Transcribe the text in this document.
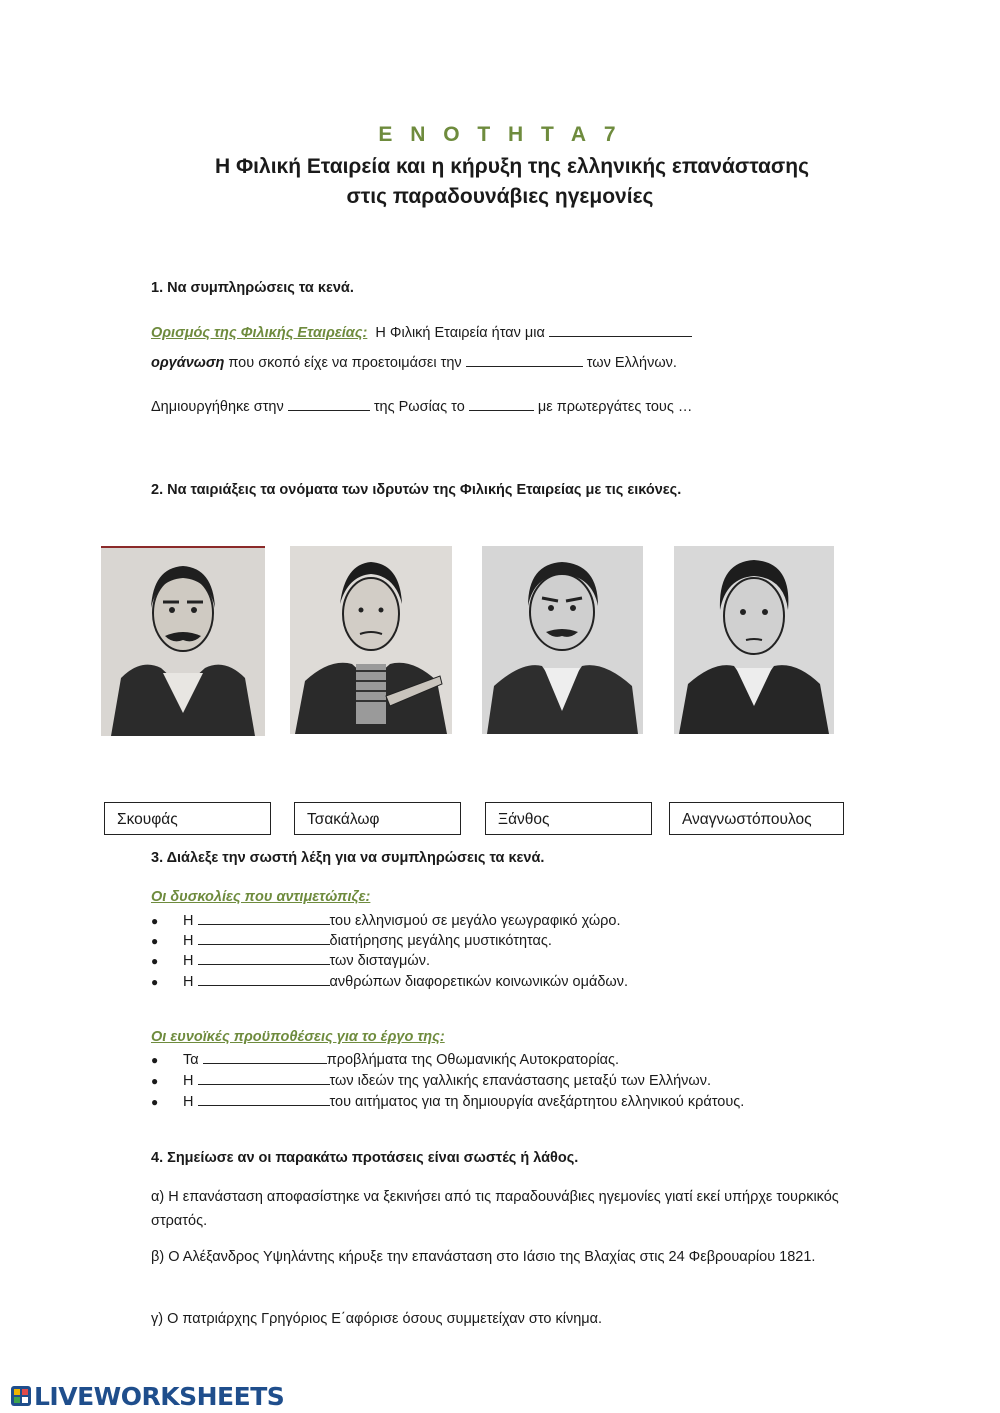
Ε Ν Ο Τ Η Τ Α 7
Η Φιλική Εταιρεία και η κήρυξη της ελληνικής επανάστασης
στις παραδουνάβιες ηγεμονίες
1. Να συμπληρώσεις τα κενά.
Ορισμός της Φιλικής Εταιρείας: Η Φιλική Εταιρεία ήταν μια
οργάνωση που σκοπό είχε να προετοιμάσει την	των Ελλήνων.
Δημιουργήθηκε στην	της Ρωσίας το	με πρωτεργάτες τους …
2. Να ταιριάξεις τα ονόματα των ιδρυτών της Φιλικής Εταιρείας με τις εικόνες.
Σκουφάς	Τσακάλωφ	Ξάνθος	Αναγνωστόπουλος
3. Διάλεξε την σωστή λέξη για να συμπληρώσεις τα κενά.
Οι δυσκολίες που αντιμετώπιζε:
● Η	του ελληνισμού σε μεγάλο γεωγραφικό χώρο.
● Η	διατήρησης μεγάλης μυστικότητας.
● Η	των δισταγμών.
● Η	ανθρώπων διαφορετικών κοινωνικών ομάδων.
Οι ευνοϊκές προϋποθέσεις για το έργο της:
● Τα	προβλήματα της Οθωμανικής Αυτοκρατορίας.
● Η	των ιδεών της γαλλικής επανάστασης μεταξύ των Ελλήνων.
● Η	του αιτήματος για τη δημιουργία ανεξάρτητου ελληνικού κράτους.
4. Σημείωσε αν οι παρακάτω προτάσεις είναι σωστές ή λάθος.
α) Η επανάσταση αποφασίστηκε να ξεκινήσει από τις παραδουνάβιες ηγεμονίες γιατί εκεί υπήρχε τουρκικός στρατός.
β) Ο Αλέξανδρος Υψηλάντης κήρυξε την επανάσταση στο Ιάσιο της Βλαχίας στις 24 Φεβρουαρίου 1821.
γ) Ο πατριάρχης Γρηγόριος Ε΄αφόρισε όσους συμμετείχαν στο κίνημα.
LIVEWORKSHEETS
